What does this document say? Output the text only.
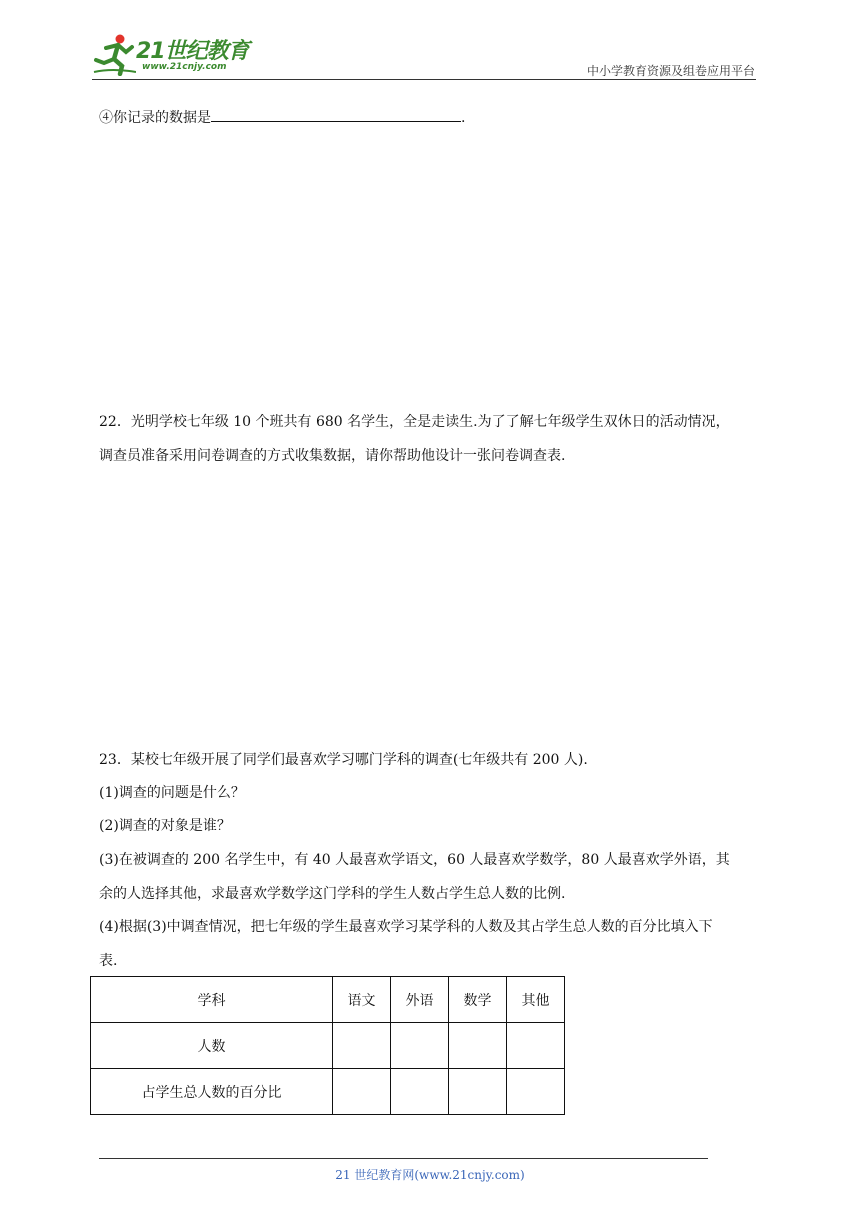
21世纪教育
www.21cnjy.com	中小学教育资源及组卷应用平台
④你记录的数据是	.
22．光明学校七年级 10 个班共有 680 名学生，全是走读生.为了了解七年级学生双休日的活动情况，
调查员准备采用问卷调查的方式收集数据，请你帮助他设计一张问卷调查表.
23．某校七年级开展了同学们最喜欢学习哪门学科的调查(七年级共有 200 人).
(1)调查的问题是什么？
(2)调查的对象是谁？
(3)在被调查的 200 名学生中，有 40 人最喜欢学语文，60 人最喜欢学数学，80 人最喜欢学外语，其
余的人选择其他，求最喜欢学数学这门学科的学生人数占学生总人数的比例.
(4)根据(3)中调查情况，把七年级的学生最喜欢学习某学科的人数及其占学生总人数的百分比填入下
表.
学科	语文	外语	数学	其他
人数				
占学生总人数的百分比				
21 世纪教育网(www.21cnjy.com)
